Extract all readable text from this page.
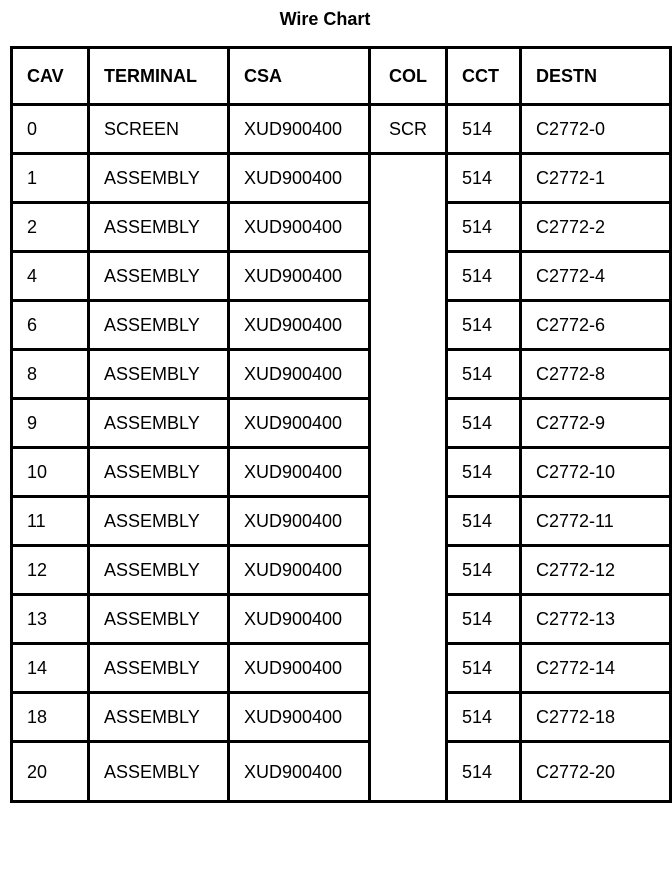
Wire Chart
CAV	TERMINAL	CSA	COL	CCT	DESTN
0	SCREEN	XUD900400	SCR	514	C2772-0
1	ASSEMBLY	XUD900400		514	C2772-1
2	ASSEMBLY	XUD900400		514	C2772-2
4	ASSEMBLY	XUD900400		514	C2772-4
6	ASSEMBLY	XUD900400		514	C2772-6
8	ASSEMBLY	XUD900400		514	C2772-8
9	ASSEMBLY	XUD900400		514	C2772-9
10	ASSEMBLY	XUD900400		514	C2772-10
11	ASSEMBLY	XUD900400		514	C2772-11
12	ASSEMBLY	XUD900400		514	C2772-12
13	ASSEMBLY	XUD900400		514	C2772-13
14	ASSEMBLY	XUD900400		514	C2772-14
18	ASSEMBLY	XUD900400		514	C2772-18
20	ASSEMBLY	XUD900400		514	C2772-20
